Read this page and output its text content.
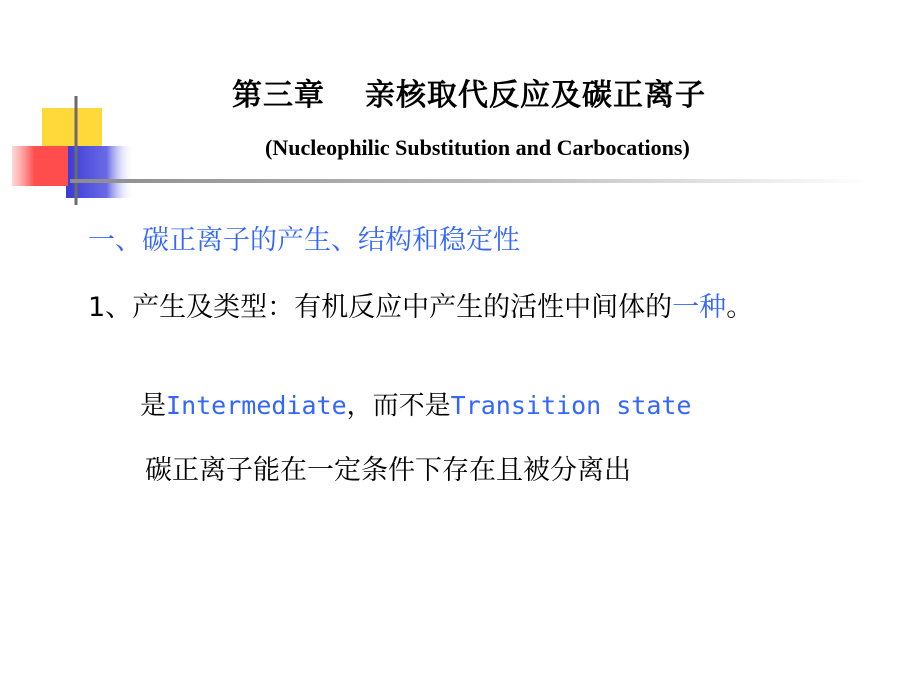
第三章 亲核取代反应及碳正离子
(Nucleophilic Substitution and Carbocations)
一、碳正离子的产生、结构和稳定性
1、产生及类型：有机反应中产生的活性中间体的一种。
是Intermediate，而不是Transition state
碳正离子能在一定条件下存在且被分离出
